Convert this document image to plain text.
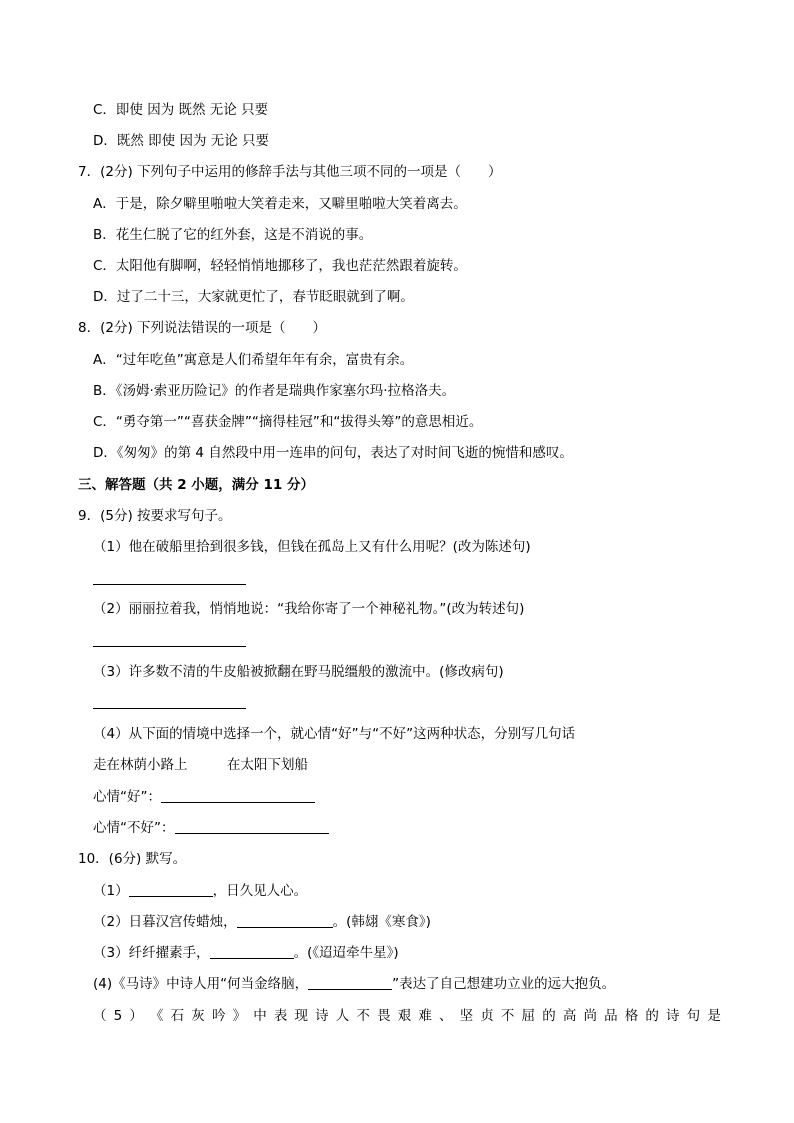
C．即使 因为 既然 无论 只要
D．既然 即使 因为 无论 只要
7．(2分) 下列句子中运用的修辞手法与其他三项不同的一项是（　　）
A．于是，除夕噼里啪啦大笑着走来，又噼里啪啦大笑着离去。
B．花生仁脱了它的红外套，这是不消说的事。
C．太阳他有脚啊，轻轻悄悄地挪移了，我也茫茫然跟着旋转。
D．过了二十三，大家就更忙了，春节眨眼就到了啊。
8．(2分) 下列说法错误的一项是（　　）
A．“过年吃鱼”寓意是人们希望年年有余，富贵有余。
B．《汤姆·索亚历险记》的作者是瑞典作家塞尔玛·拉格洛夫。
C．“勇夺第一”“喜获金牌”“摘得桂冠”和“拔得头筹”的意思相近。
D．《匆匆》的第 4 自然段中用一连串的问句，表达了对时间飞逝的惋惜和感叹。
三、解答题（共 2 小题，满分 11 分）
9．(5分) 按要求写句子。
（1）他在破船里拾到很多钱，但钱在孤岛上又有什么用呢？(改为陈述句)
（2）丽丽拉着我，悄悄地说：“我给你寄了一个神秘礼物。”(改为转述句)
（3）许多数不清的牛皮船被掀翻在野马脱缰般的激流中。(修改病句)
（4）从下面的情境中选择一个，就心情“好”与“不好”这两种状态，分别写几句话
走在林荫小路上	在太阳下划船
心情“好”：
心情“不好”：
10．(6分) 默写。
（1）	，日久见人心。
（2）日暮汉宫传蜡烛，	。(韩翃《寒食》)
（3）纤纤擢素手，	。(《迢迢牵牛星》)
(4)《马诗》中诗人用“何当金络脑，	”表达了自己想建功立业的远大抱负。
（ 5 ） 《 石 灰 吟 》 中 表 现 诗 人 不 畏 艰 难 、 坚 贞 不 屈 的 高 尚 品 格 的 诗 句 是
